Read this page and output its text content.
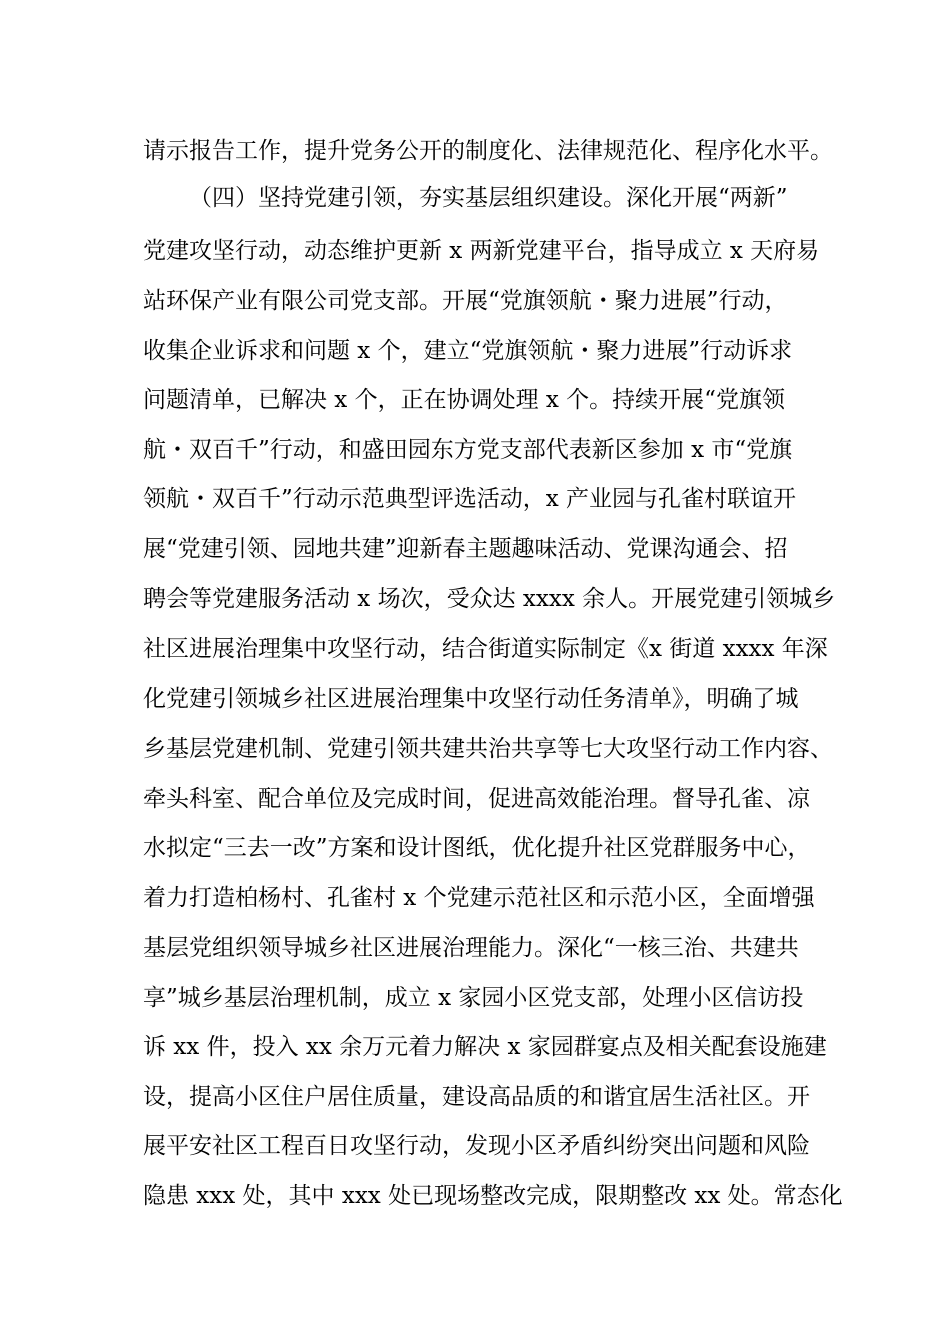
请示报告工作，提升党务公开的制度化、法律规范化、程序化水平。
（四）坚持党建引领，夯实基层组织建设。深化开展“两新”
党建攻坚行动，动态维护更新 x 两新党建平台，指导成立 x 天府易
站环保产业有限公司党支部。开展“党旗领航・聚力进展”行动，
收集企业诉求和问题 x 个，建立“党旗领航・聚力进展”行动诉求
问题清单，已解决 x 个，正在协调处理 x 个。持续开展“党旗领
航・双百千”行动，和盛田园东方党支部代表新区参加 x 市“党旗
领航・双百千”行动示范典型评选活动，x 产业园与孔雀村联谊开
展“党建引领、园地共建”迎新春主题趣味活动、党课沟通会、招
聘会等党建服务活动 x 场次，受众达 xxxx 余人。开展党建引领城乡
社区进展治理集中攻坚行动，结合街道实际制定《x 街道 xxxx 年深
化党建引领城乡社区进展治理集中攻坚行动任务清单》，明确了城
乡基层党建机制、党建引领共建共治共享等七大攻坚行动工作内容、
牵头科室、配合单位及完成时间，促进高效能治理。督导孔雀、凉
水拟定“三去一改”方案和设计图纸，优化提升社区党群服务中心，
着力打造柏杨村、孔雀村 x 个党建示范社区和示范小区，全面增强
基层党组织领导城乡社区进展治理能力。深化“一核三治、共建共
享”城乡基层治理机制，成立 x 家园小区党支部，处理小区信访投
诉 xx 件，投入 xx 余万元着力解决 x 家园群宴点及相关配套设施建
设，提高小区住户居住质量，建设高品质的和谐宜居生活社区。开
展平安社区工程百日攻坚行动，发现小区矛盾纠纷突出问题和风险
隐患 xxx 处，其中 xxx 处已现场整改完成，限期整改 xx 处。常态化
